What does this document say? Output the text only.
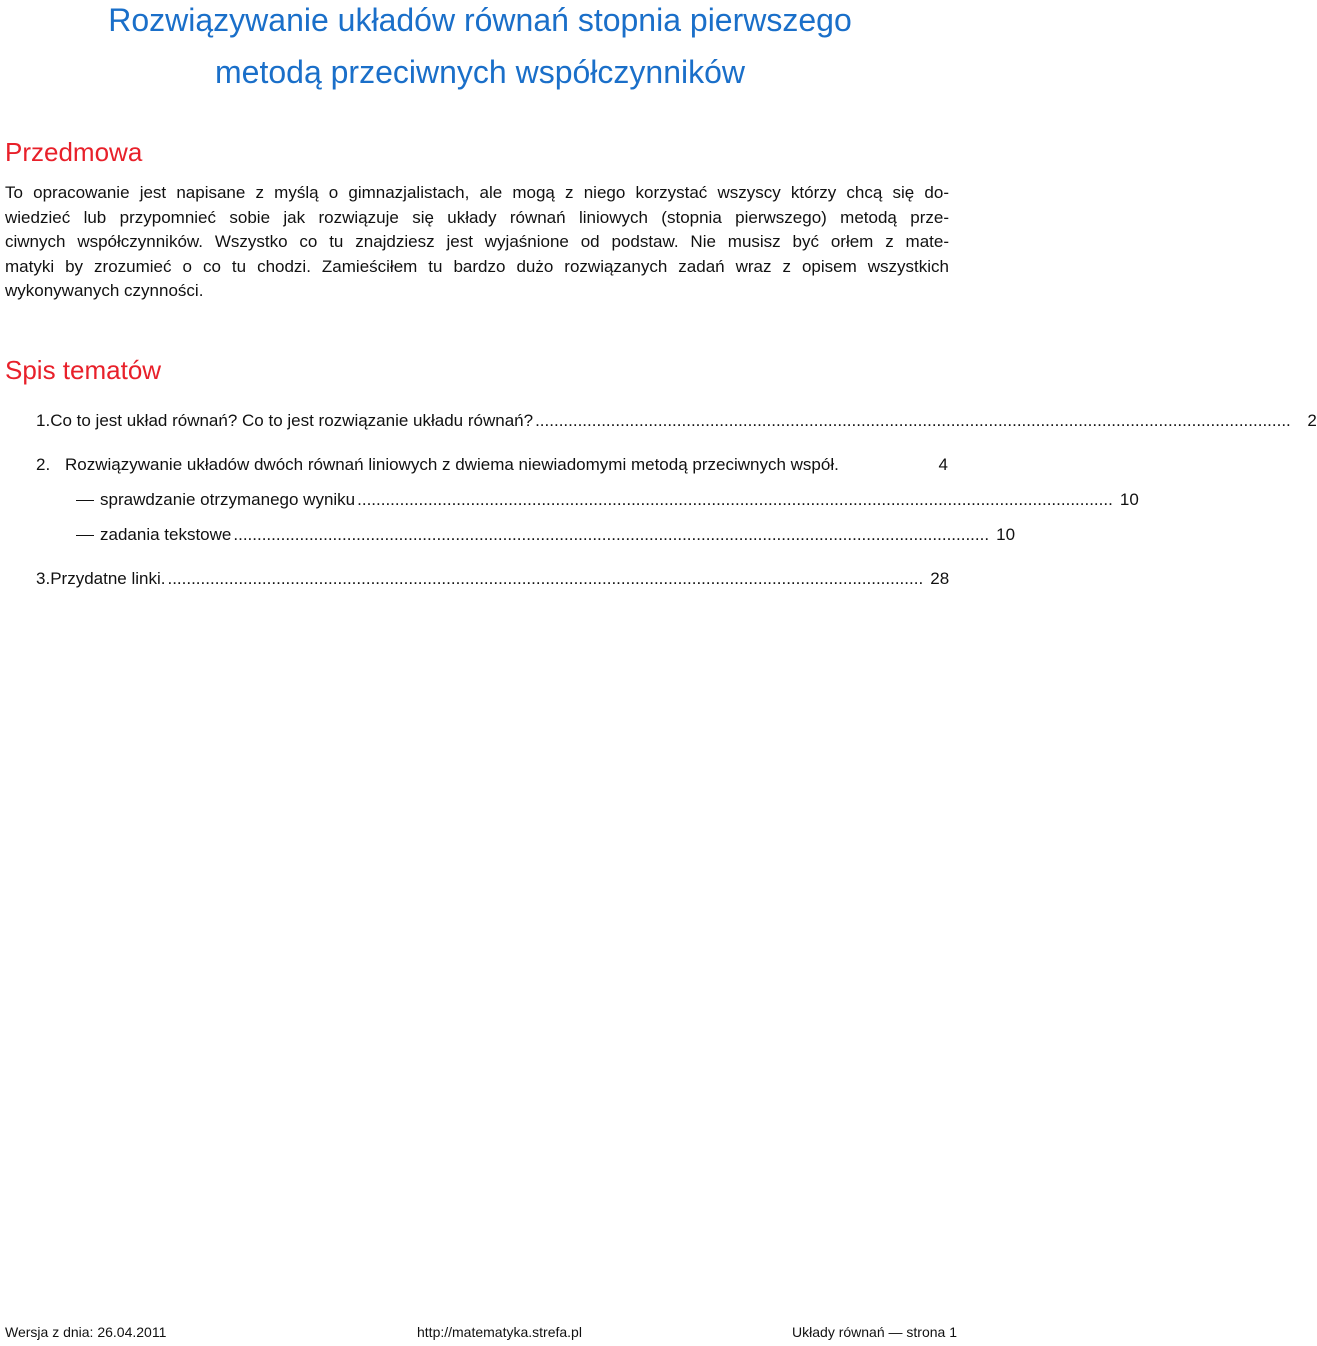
Rozwiązywanie układów równań stopnia pierwszego
metodą przeciwnych współczynników
Przedmowa

To opracowanie jest napisane z myślą o gimnazjalistach, ale mogą z niego korzystać wszyscy którzy chcą się do-
wiedzieć lub przypomnieć sobie jak rozwiązuje się układy równań liniowych (stopnia pierwszego) metodą prze-
ciwnych współczynników. Wszystko co tu znajdziesz jest wyjaśnione od podstaw. Nie musisz być orłem z mate-
matyki by zrozumieć o co tu chodzi. Zamieściłem tu bardzo dużo rozwiązanych zadań wraz z opisem wszystkich
wykonywanych czynności.

Spis tematów
1. Co to jest układ równań? Co to jest rozwiązanie układu równań? ................................................................................................................................................................ 2
2. Rozwiązywanie układów dwóch równań liniowych z dwiema niewiadomymi metodą przeciwnych współ.	4
sprawdzanie otrzymanego wyniku ................................................................................................................................................................ 10
zadania tekstowe ................................................................................................................................................................ 10
3. Przydatne linki. ................................................................................................................................................................ 28
Wersja z dnia: 26.04.2011	http://matematyka.strefa.pl	Układy równań — strona 1
